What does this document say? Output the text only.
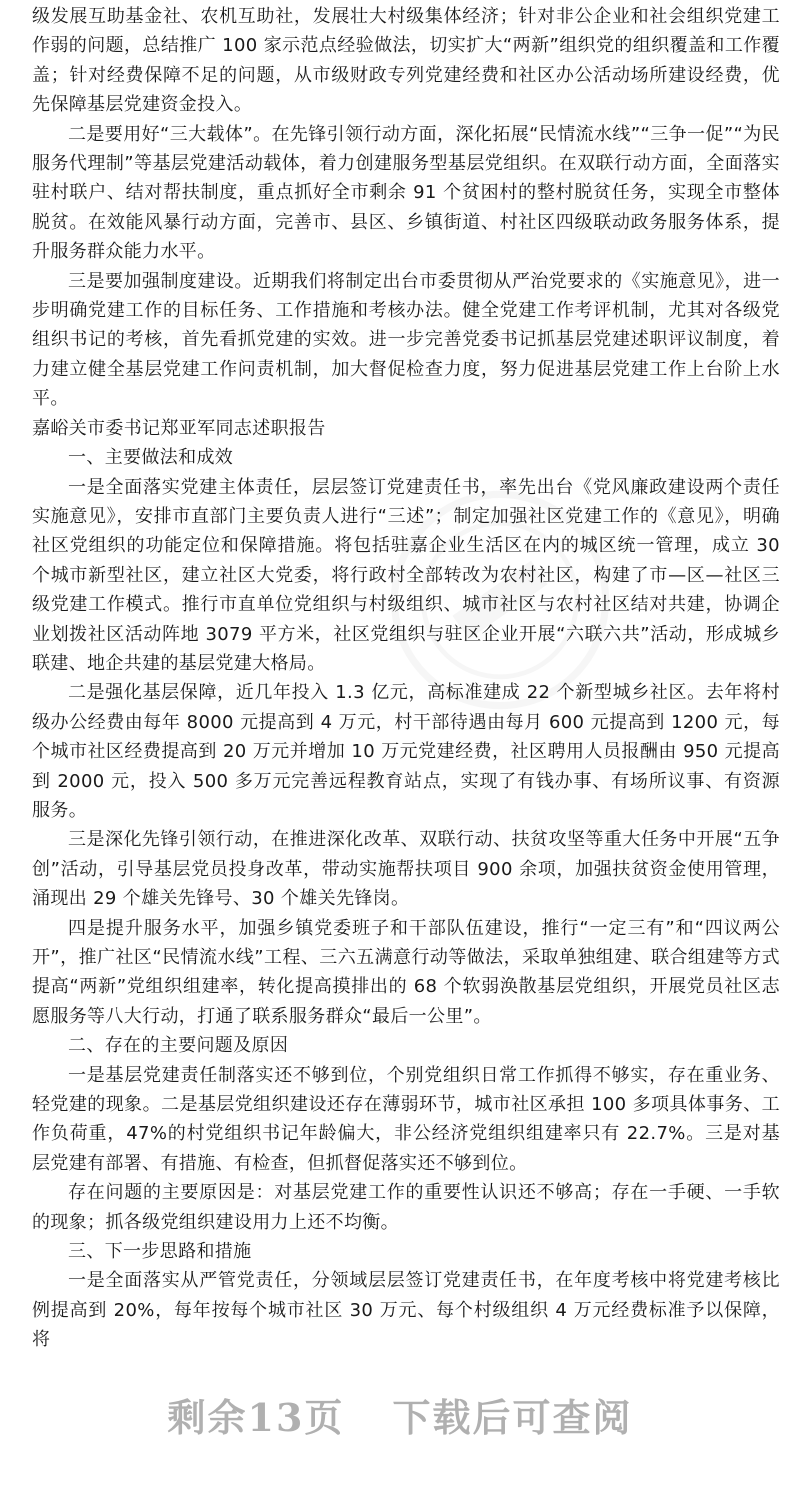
级发展互助基金社、农机互助社，发展壮大村级集体经济；针对非公企业和社会组织党建工作弱的问题，总结推广 100 家示范点经验做法，切实扩大“两新”组织党的组织覆盖和工作覆盖；针对经费保障不足的问题，从市级财政专列党建经费和社区办公活动场所建设经费，优先保障基层党建资金投入。

二是要用好“三大载体”。在先锋引领行动方面，深化拓展“民情流水线”“三争一促”“为民服务代理制”等基层党建活动载体，着力创建服务型基层党组织。在双联行动方面，全面落实驻村联户、结对帮扶制度，重点抓好全市剩余 91 个贫困村的整村脱贫任务，实现全市整体脱贫。在效能风暴行动方面，完善市、县区、乡镇街道、村社区四级联动政务服务体系，提升服务群众能力水平。

三是要加强制度建设。近期我们将制定出台市委贯彻从严治党要求的《实施意见》，进一步明确党建工作的目标任务、工作措施和考核办法。健全党建工作考评机制，尤其对各级党组织书记的考核，首先看抓党建的实效。进一步完善党委书记抓基层党建述职评议制度，着力建立健全基层党建工作问责机制，加大督促检查力度，努力促进基层党建工作上台阶上水平。

嘉峪关市委书记郑亚军同志述职报告

一、主要做法和成效

一是全面落实党建主体责任，层层签订党建责任书，率先出台《党风廉政建设两个责任实施意见》，安排市直部门主要负责人进行“三述”；制定加强社区党建工作的《意见》，明确社区党组织的功能定位和保障措施。将包括驻嘉企业生活区在内的城区统一管理，成立 30 个城市新型社区，建立社区大党委，将行政村全部转改为农村社区，构建了市—区—社区三级党建工作模式。推行市直单位党组织与村级组织、城市社区与农村社区结对共建，协调企业划拨社区活动阵地 3079 平方米，社区党组织与驻区企业开展“六联六共”活动，形成城乡联建、地企共建的基层党建大格局。

二是强化基层保障，近几年投入 1.3 亿元，高标准建成 22 个新型城乡社区。去年将村级办公经费由每年 8000 元提高到 4 万元，村干部待遇由每月 600 元提高到 1200 元，每个城市社区经费提高到 20 万元并增加 10 万元党建经费，社区聘用人员报酬由 950 元提高到 2000 元，投入 500 多万元完善远程教育站点，实现了有钱办事、有场所议事、有资源服务。

三是深化先锋引领行动，在推进深化改革、双联行动、扶贫攻坚等重大任务中开展“五争创”活动，引导基层党员投身改革，带动实施帮扶项目 900 余项，加强扶贫资金使用管理，涌现出 29 个雄关先锋号、30 个雄关先锋岗。

四是提升服务水平，加强乡镇党委班子和干部队伍建设，推行“一定三有”和“四议两公开”，推广社区“民情流水线”工程、三六五满意行动等做法，采取单独组建、联合组建等方式提高“两新”党组织组建率，转化提高摸排出的 68 个软弱涣散基层党组织，开展党员社区志愿服务等八大行动，打通了联系服务群众“最后一公里”。

二、存在的主要问题及原因

一是基层党建责任制落实还不够到位，个别党组织日常工作抓得不够实，存在重业务、轻党建的现象。二是基层党组织建设还存在薄弱环节，城市社区承担 100 多项具体事务、工作负荷重，47%的村党组织书记年龄偏大，非公经济党组织组建率只有 22.7%。三是对基层党建有部署、有措施、有检查，但抓督促落实还不够到位。

存在问题的主要原因是：对基层党建工作的重要性认识还不够高；存在一手硬、一手软的现象；抓各级党组织建设用力上还不均衡。

三、下一步思路和措施

一是全面落实从严管党责任，分领域层层签订党建责任书，在年度考核中将党建考核比例提高到 20%，每年按每个城市社区 30 万元、每个村级组织 4 万元经费标准予以保障，将

剩余13页 下载后可查阅
